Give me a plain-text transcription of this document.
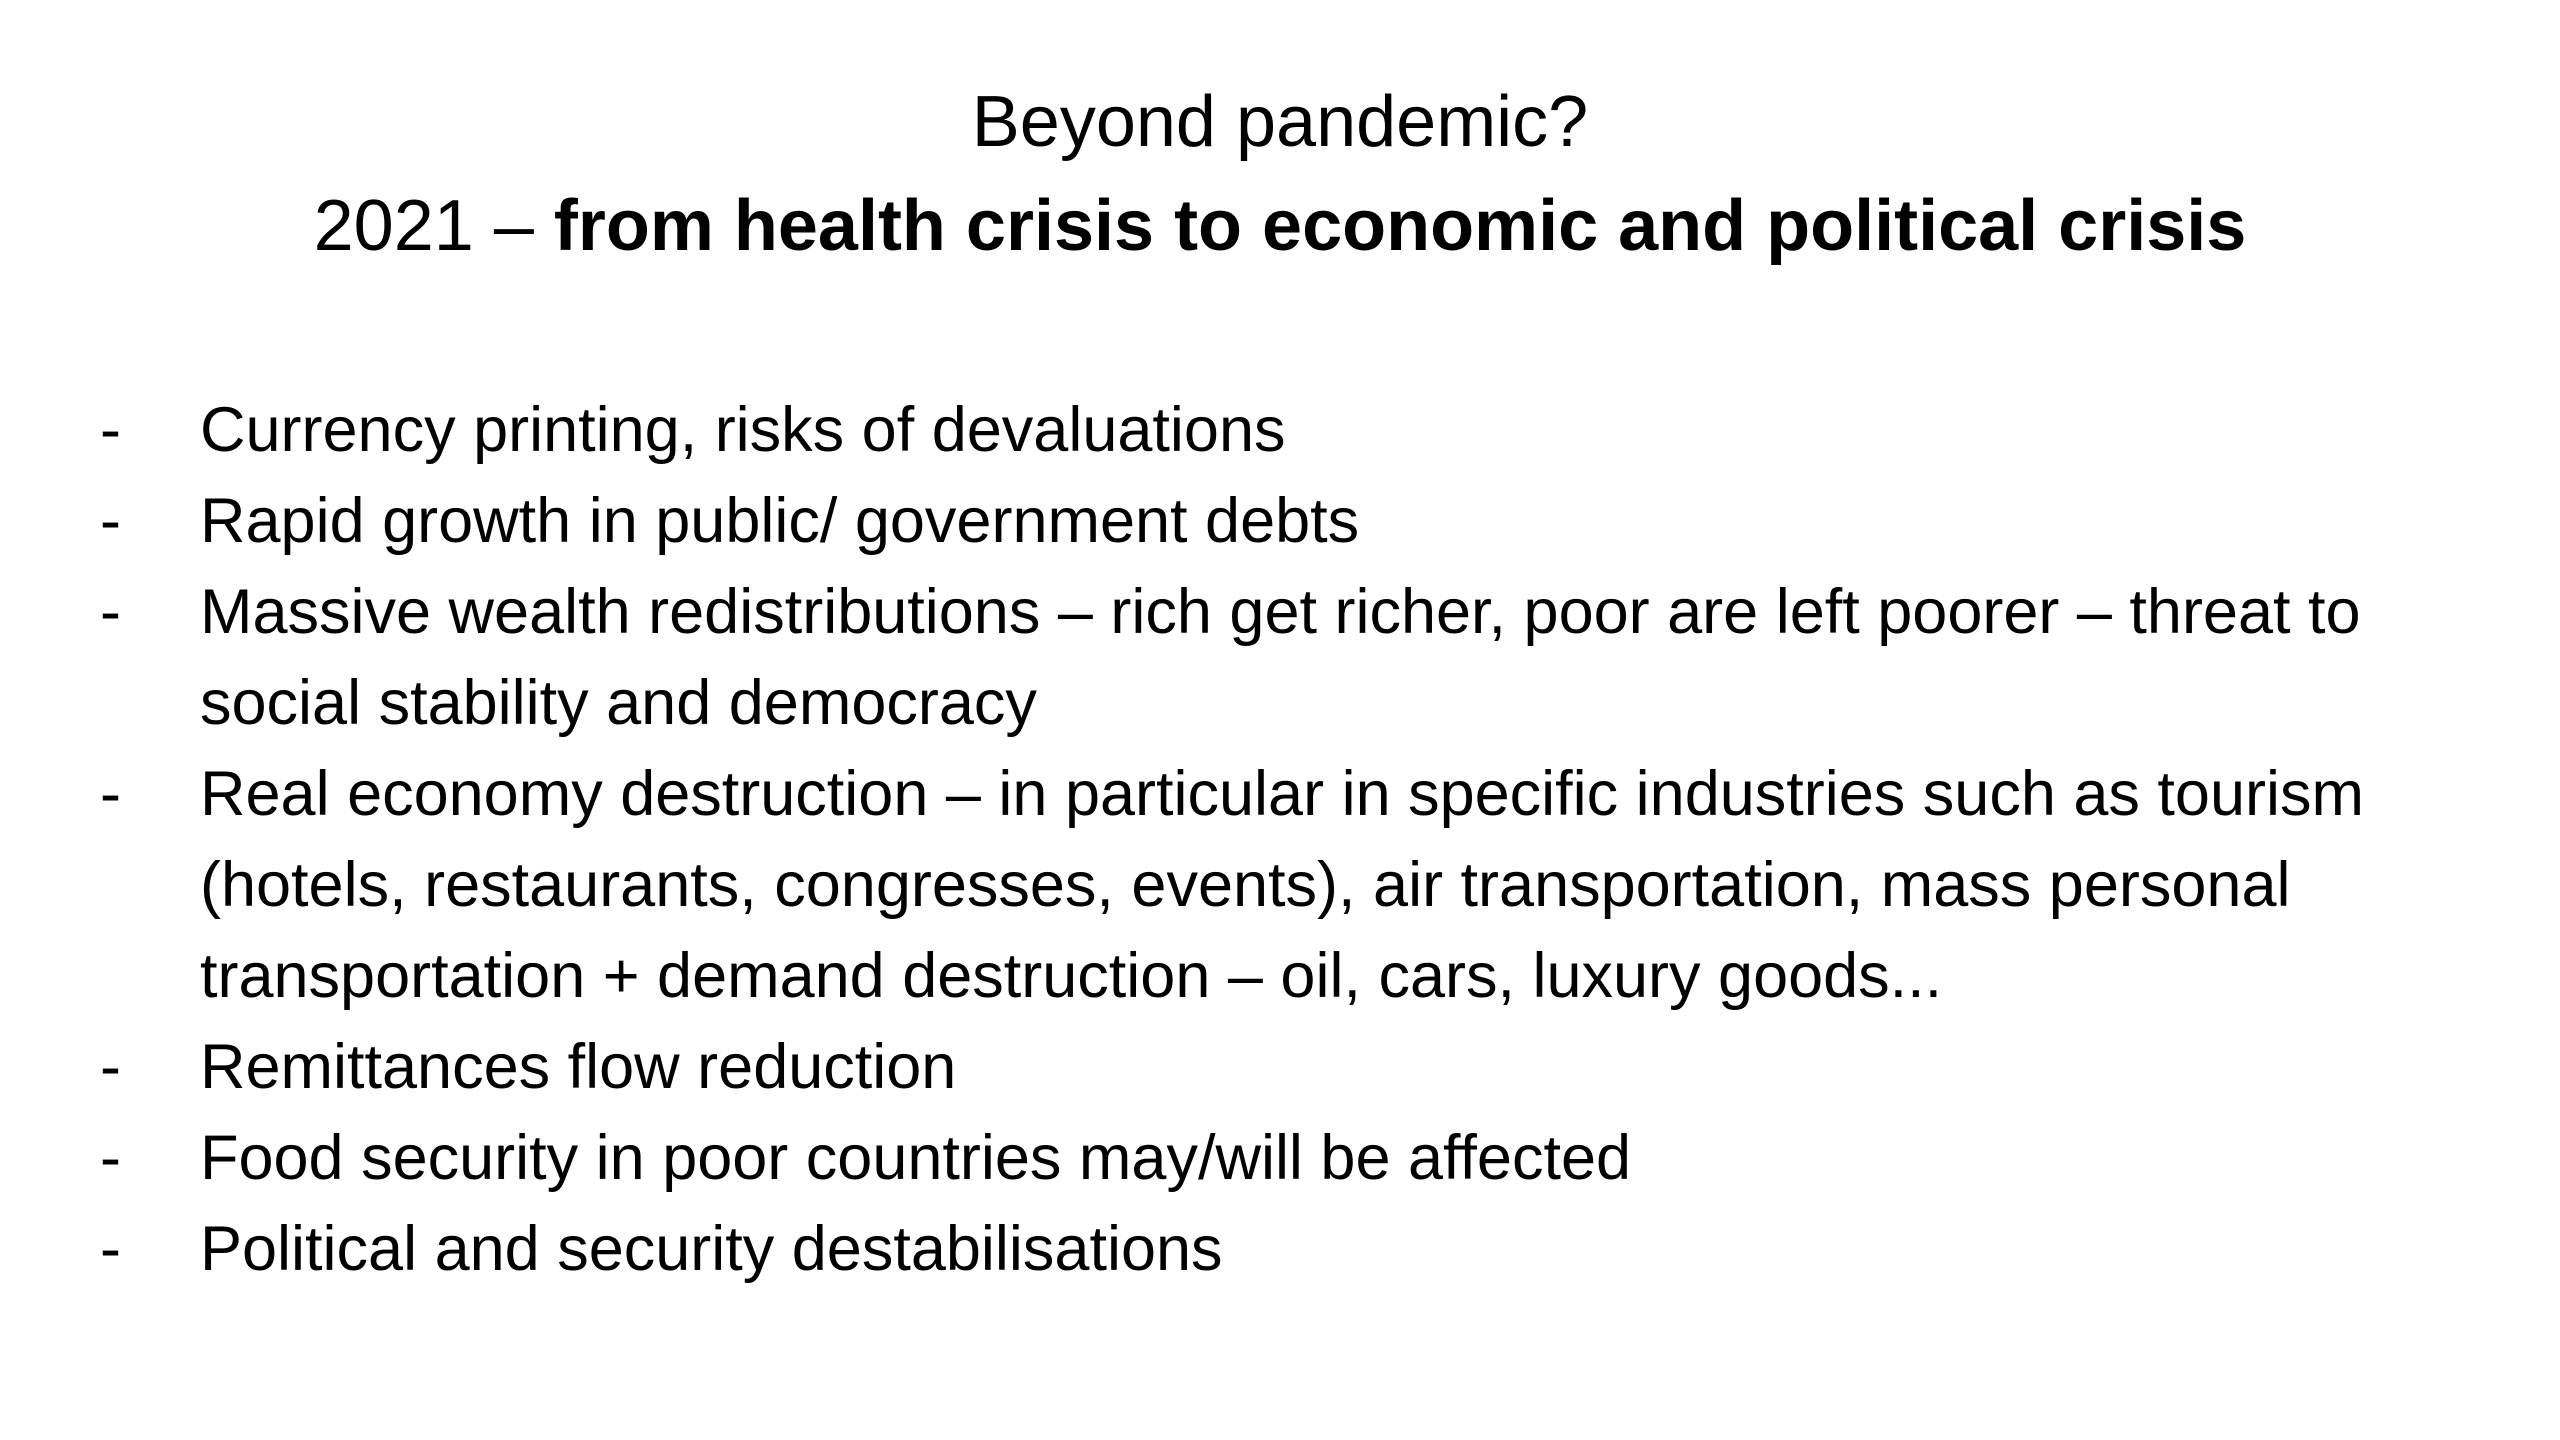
Beyond pandemic?
2021 – from health crisis to economic and political crisis
-	Currency printing, risks of devaluations
-	Rapid growth in public/ government debts
-	Massive wealth redistributions – rich get richer, poor are left poorer – threat to social stability and democracy
-	Real economy destruction – in particular in specific industries such as tourism (hotels, restaurants, congresses, events), air transportation, mass personal transportation + demand destruction – oil, cars, luxury goods...
-	Remittances flow reduction
-	Food security in poor countries may/will be affected
-	Political and security destabilisations
